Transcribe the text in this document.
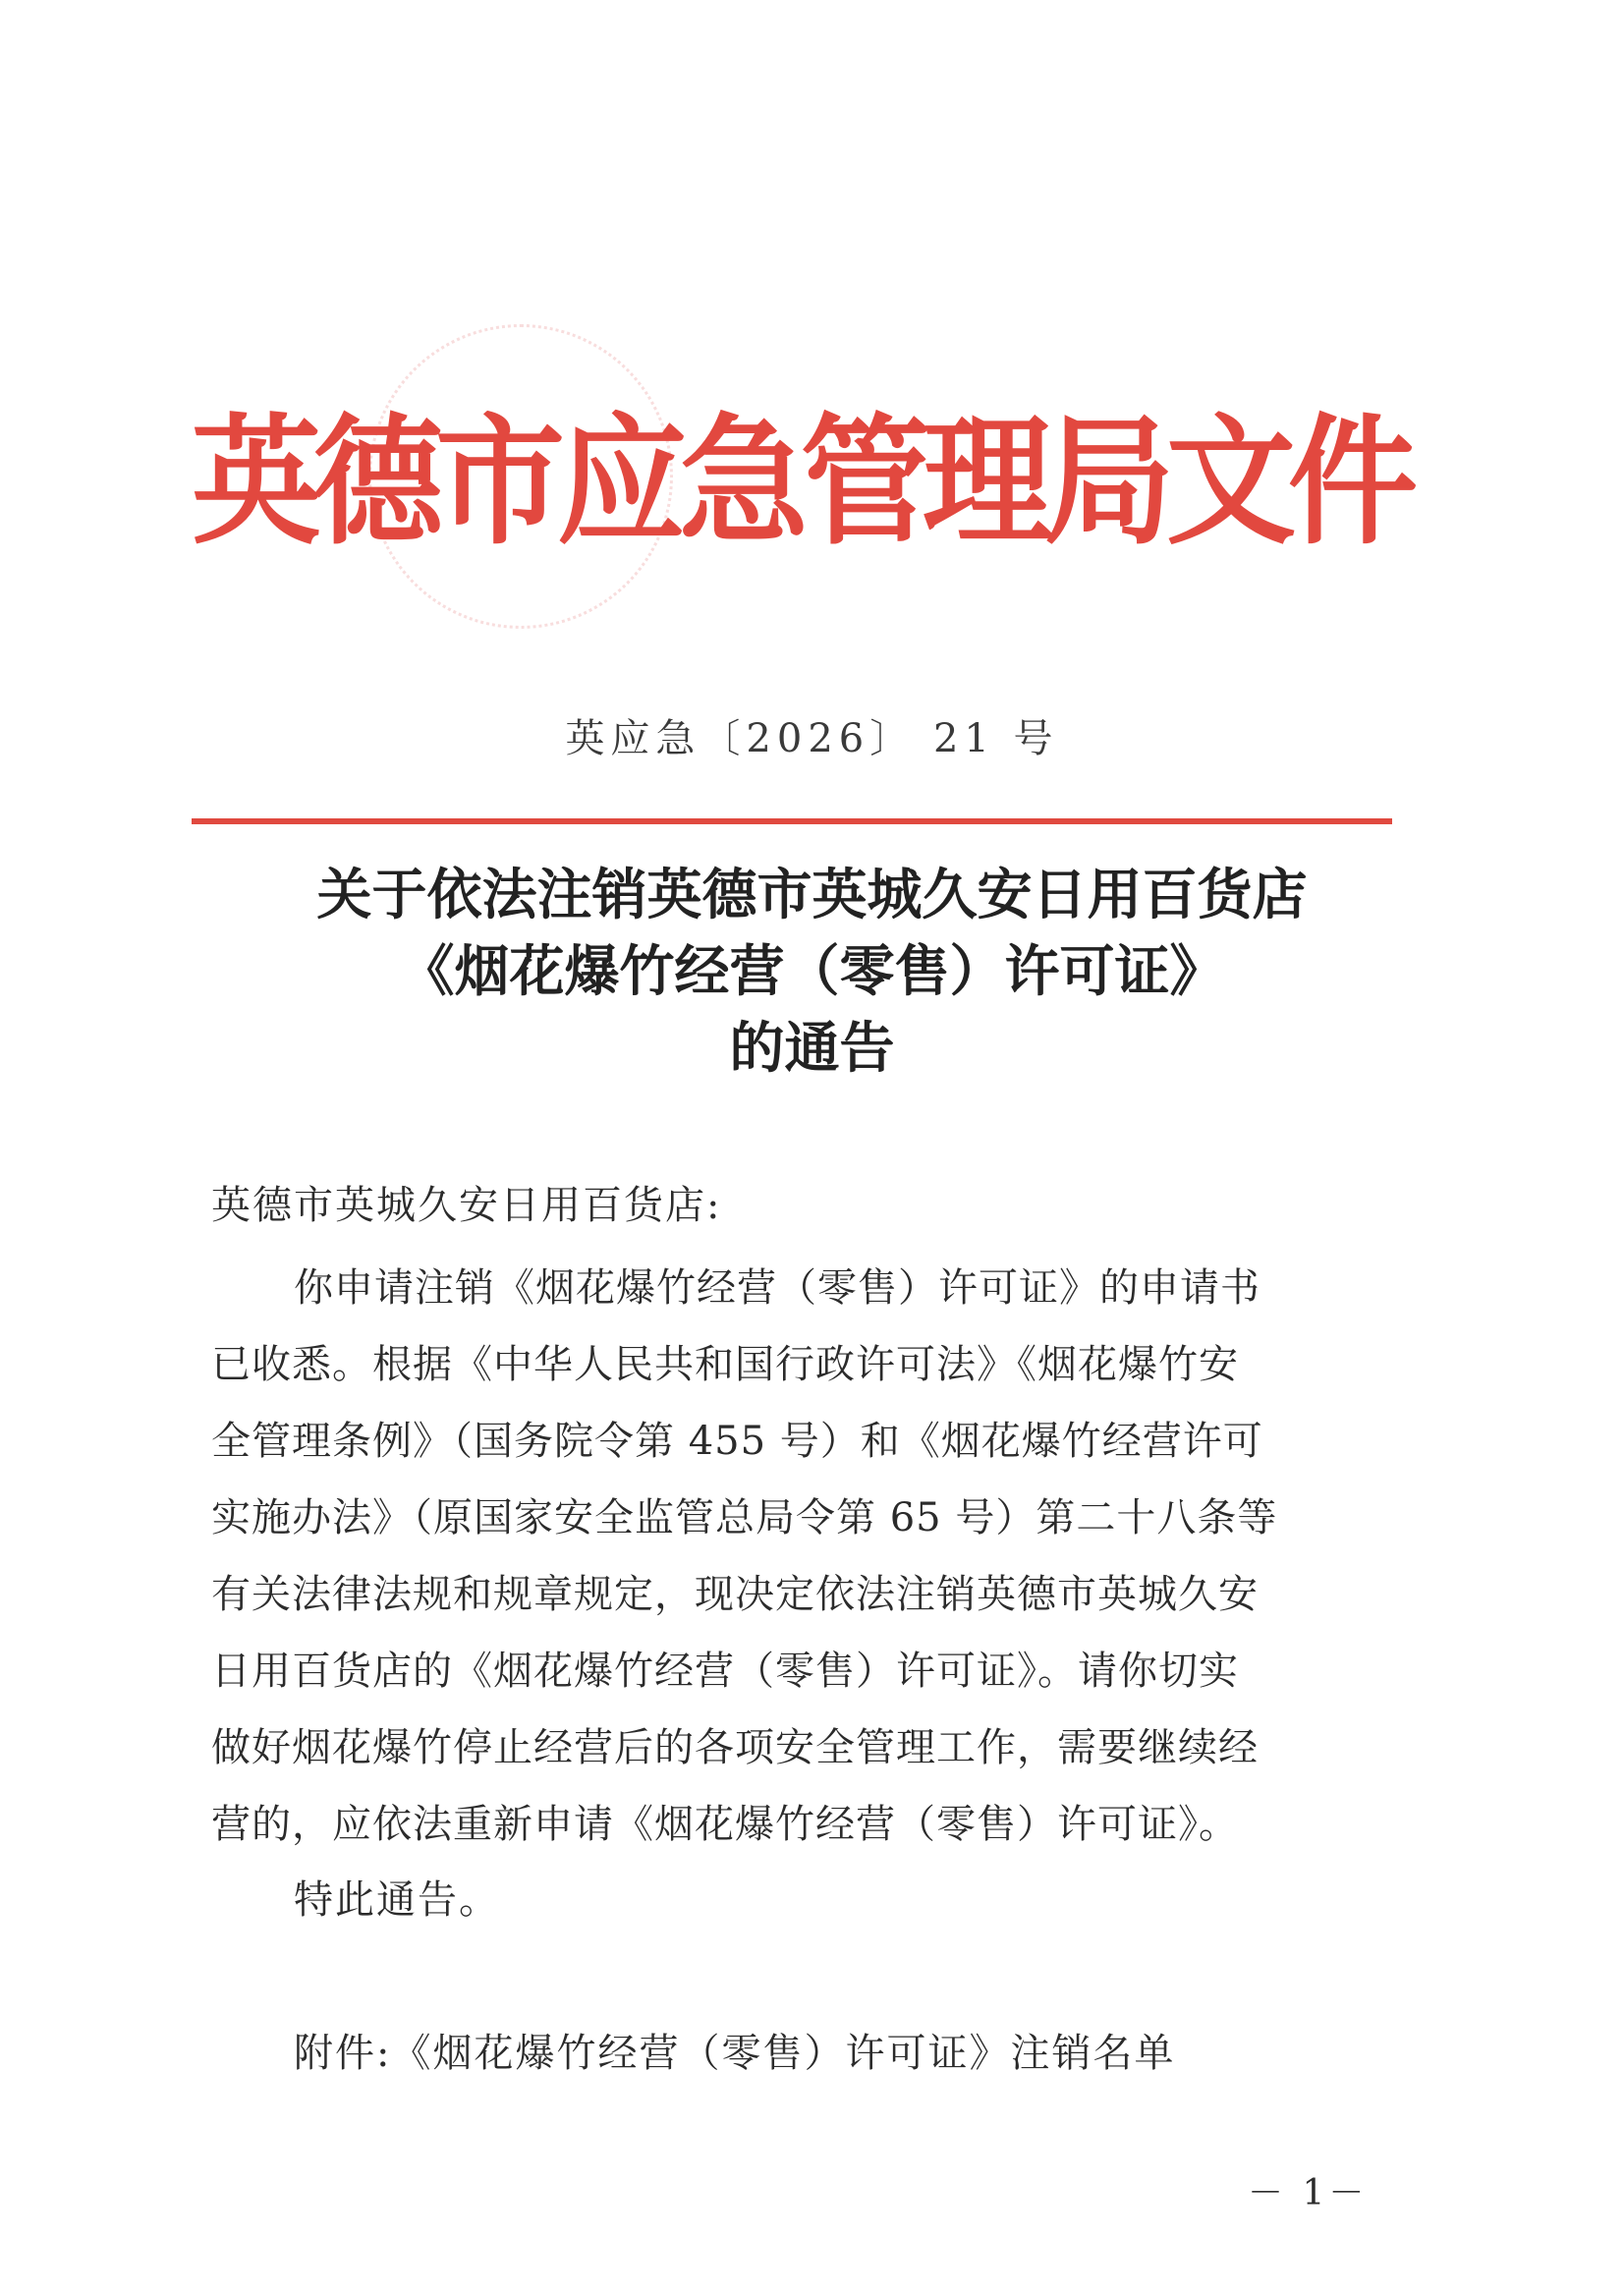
英德市应急管理局文件
英应急〔2026〕 21 号
关于依法注销英德市英城久安日用百货店
《烟花爆竹经营（零售）许可证》
的通告
英德市英城久安日用百货店:
你申请注销《烟花爆竹经营（零售）许可证》的申请书
已收悉。根据《中华人民共和国行政许可法》《烟花爆竹安
全管理条例》（国务院令第 455 号）和《烟花爆竹经营许可
实施办法》（原国家安全监管总局令第 65 号）第二十八条等
有关法律法规和规章规定，现决定依法注销英德市英城久安
日用百货店的《烟花爆竹经营（零售）许可证》。请你切实
做好烟花爆竹停止经营后的各项安全管理工作，需要继续经
营的，应依法重新申请《烟花爆竹经营（零售）许可证》。
特此通告。
附件:《烟花爆竹经营（零售）许可证》注销名单
－ 1－
